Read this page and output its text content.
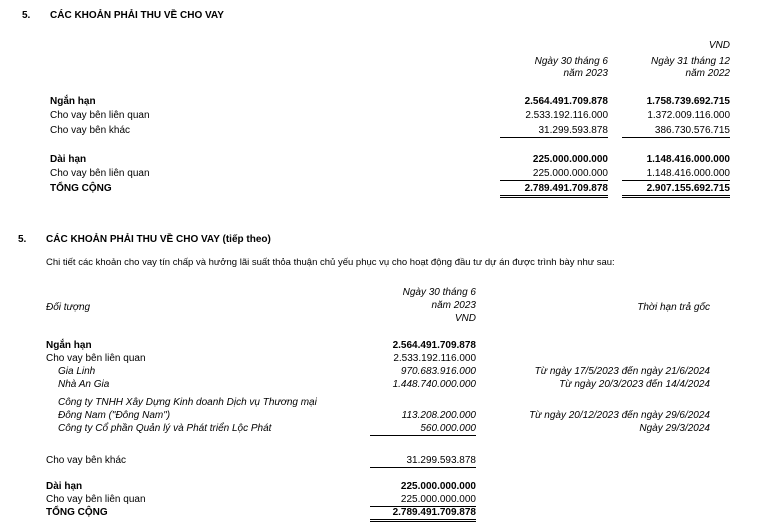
5. CÁC KHOẢN PHẢI THU VỀ CHO VAY
VND
Ngày 30 tháng 6
năm 2023
Ngày 31 tháng 12
năm 2022
Ngắn hạn	2.564.491.709.878	1.758.739.692.715
Cho vay bên liên quan	2.533.192.116.000	1.372.009.116.000
Cho vay bên khác	31.299.593.878	386.730.576.715
Dài hạn	225.000.000.000	1.148.416.000.000
Cho vay bên liên quan	225.000.000.000	1.148.416.000.000
TỔNG CỘNG	2.789.491.709.878	2.907.155.692.715
5. CÁC KHOẢN PHẢI THU VỀ CHO VAY (tiếp theo)
Chi tiết các khoản cho vay tín chấp và hưởng lãi suất thỏa thuận chủ yếu phục vụ cho hoạt động đầu tư dự án được trình bày như sau:
Đối tượng
Ngày 30 tháng 6
năm 2023
VND
Thời hạn trả gốc
Ngắn hạn	2.564.491.709.878
Cho vay bên liên quan	2.533.192.116.000
Gia Linh	970.683.916.000	Từ ngày 17/5/2023 đến ngày 21/6/2024
Nhà An Gia	1.448.740.000.000	Từ ngày 20/3/2023 đến 14/4/2024
Công ty TNHH Xây Dựng Kinh doanh Dịch vụ Thương mại
Đông Nam ("Đông Nam")	113.208.200.000	Từ ngày 20/12/2023 đến ngày 29/6/2024
Công ty Cổ phần Quản lý và Phát triển Lộc Phát	560.000.000	Ngày 29/3/2024
Cho vay bên khác	31.299.593.878
Dài hạn	225.000.000.000
Cho vay bên liên quan	225.000.000.000
TỔNG CỘNG	2.789.491.709.878
